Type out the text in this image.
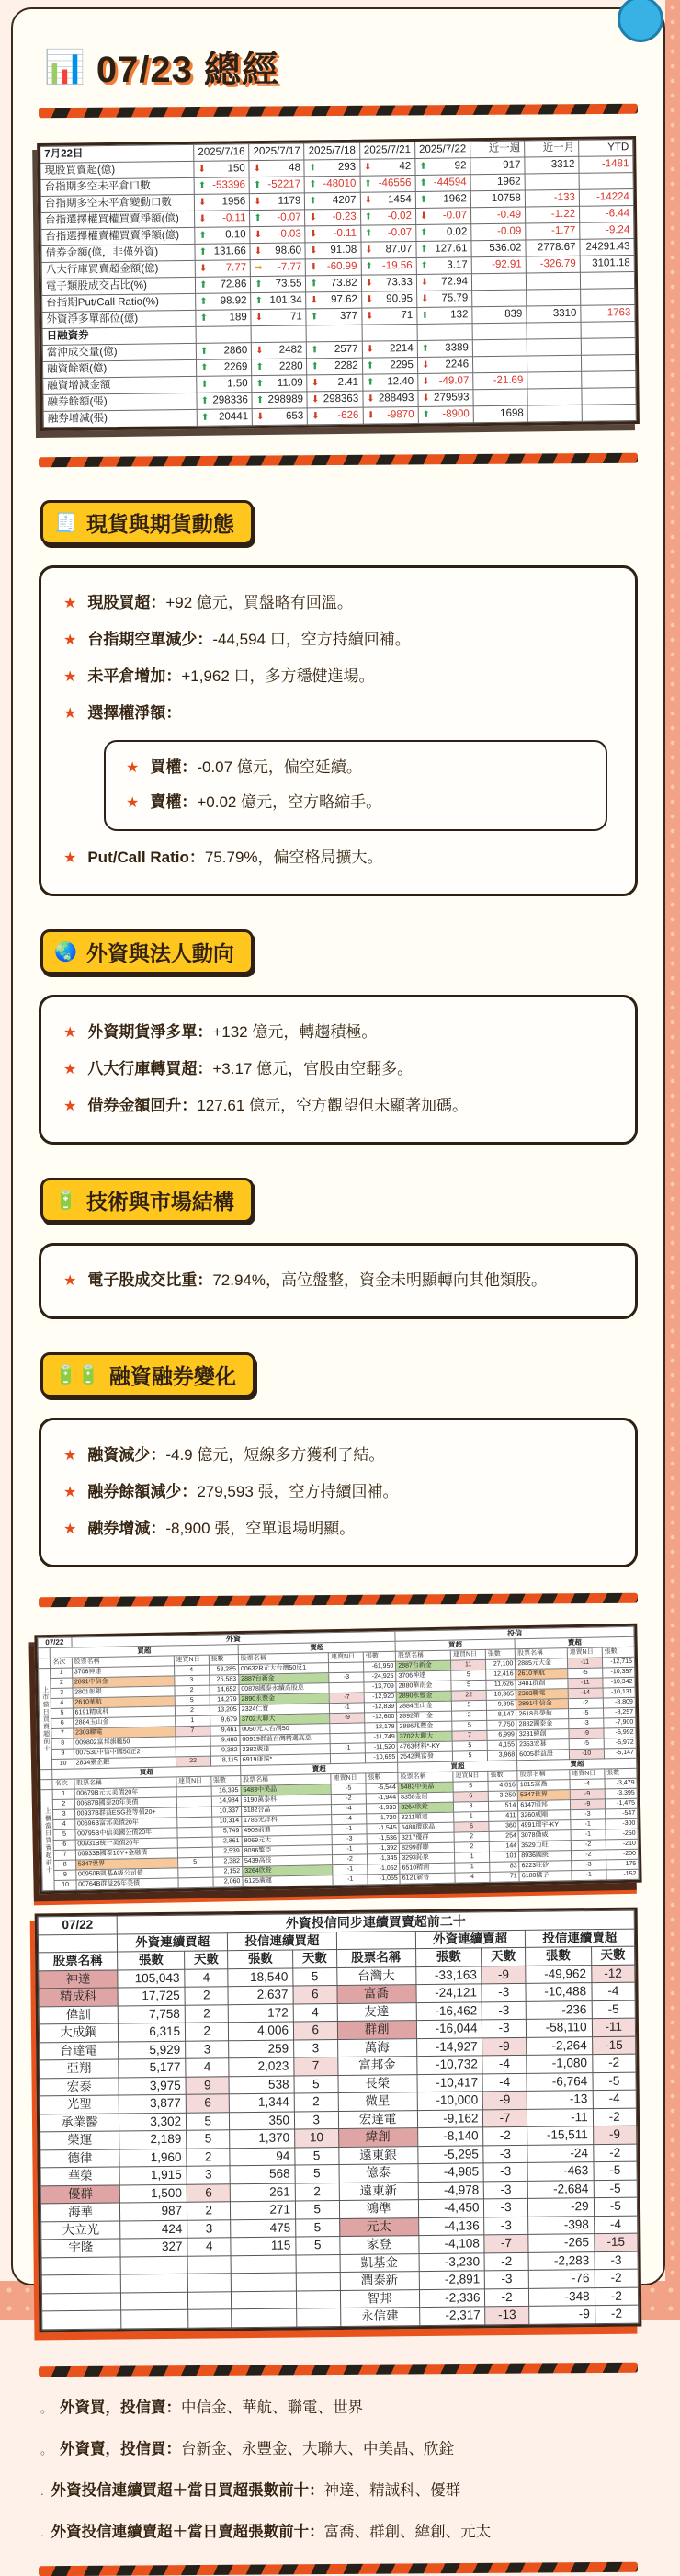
📊 07/23 總經
7月22日	2025/7/16	2025/7/17	2025/7/18	2025/7/21	2025/7/22	近一週	近一月	YTD
現股買賣超(億)	⬇ 150	⬇ 48	⬆ 293	⬇ 42	⬆ 92	917	3312	-1481
台指期多空未平倉口數	⬆ -53396	⬆ -52217	⬆ -48010	⬆ -46556	⬆ -44594	1962		
台指期多空未平倉變動口數	⬇ 1956	⬇ 1179	⬆ 4207	⬇ 1454	⬆ 1962	10758	-133	-14224
台指選擇權買權買賣淨額(億)	⬇ -0.11	⬆ -0.07	⬇ -0.23	⬆ -0.02	⬇ -0.07	-0.49	-1.22	-6.44
台指選擇權賣權買賣淨額(億)	⬆ 0.10	⬇ -0.03	⬇ -0.11	⬆ -0.07	⬆ 0.02	-0.09	-1.77	-9.24
借券金額(億，非僅外資)	⬆ 131.66	⬇ 98.60	⬇ 91.08	⬇ 87.07	⬆ 127.61	536.02	2778.67	24291.43
八大行庫買賣超金額(億)	⬇ -7.77	➡ -7.77	⬇ -60.99	⬆ -19.56	⬆ 3.17	-92.91	-326.79	3101.18
電子類股成交占比(%)	⬆ 72.86	⬆ 73.55	⬆ 73.82	⬇ 73.33	⬇ 72.94			
台指期Put/Call Ratio(%)	⬆ 98.92	⬆ 101.34	⬇ 97.62	⬇ 90.95	⬇ 75.79			
外資淨多單部位(億)	⬆ 189	⬇ 71	⬆ 377	⬇ 71	⬆ 132	839	3310	-1763
日融資券								
當沖成交量(億)	⬆ 2860	⬇ 2482	⬆ 2577	⬇ 2214	⬆ 3389			
融資餘額(億)	⬆ 2269	⬆ 2280	⬆ 2282	⬆ 2295	⬇ 2246			
融資增減金額	⬆ 1.50	⬆ 11.09	⬇ 2.41	⬆ 12.40	⬇ -49.07	-21.69		
融券餘額(張)	⬆ 298336	⬆ 298989	⬇ 298363	⬇ 288493	⬇ 279593			
融券增減(張)	⬆ 20441	⬇ 653	⬇ -626	⬇ -9870	⬆ -8900	1698		
🧾 現貨與期貨動態
★ 現股買超：+92 億元，買盤略有回溫。
★ 台指期空單減少：-44,594 口，空方持續回補。
★ 未平倉增加：+1,962 口，多方穩健進場。
★ 選擇權淨額：
★ 買權：-0.07 億元，偏空延續。
★ 賣權：+0.02 億元，空方略縮手。
★ Put/Call Ratio：75.79%，偏空格局擴大。
🌏 外資與法人動向
★ 外資期貨淨多單：+132 億元，轉趨積極。
★ 八大行庫轉買超：+3.17 億元，官股由空翻多。
★ 借券金額回升：127.61 億元，空方觀望但未顯著加碼。
🔋 技術與市場結構
★ 電子股成交比重：72.94%，高位盤整，資金未明顯轉向其他類股。
🔋🔋 融資融券變化
★ 融資減少：-4.9 億元，短線多方獲利了結。
★ 融券餘額減少：279,593 張，空方持續回補。
★ 融券增減：-8,900 張，空單退場明顯。
07/22		外資						投信					
	買超				賣超			買超			賣超		
	名次	股票名稱	連買N日	張數	股票名稱	連賣N日	張數	股票名稱	連買N日	張數	股票名稱	連賣N日	張數
上市當日買賣超前十	1	3706神達	4	53,285	00632R元大台灣50反1		-61,950	2887台新金	11	27,100	2885元大金	-11	-12,715
	2	2891中信金	3	25,583	2887台新金	-3	-24,926	3706神達	5	12,416	2610華航	-5	-10,357
	3	2801彰銀	2	14,652	00878國泰永續高股息		-13,709	2880華南金	5	11,626	3481群創	-11	-10,342
	4	2610華航	5	14,279	2890永豐金	-7	-12,920	2890永豐金	22	10,365	2303聯電	-14	-10,131
	5	6191精成科	2	13,205	2324仁寶	-1	-12,839	2884玉山金	5	9,395	2891中信金	-2	-8,809
	6	2884玉山金	1	9,679	3702大聯大	-9	-12,600	2892第一金	2	8,147	2618長榮航	-5	-8,257
	7	2303聯電	7	9,461	0050元大台灣50		-12,178	2886兆豐金	5	7,750	2882國泰金	-3	-7,900
	8	009802富邦旗艦50		9,460	00919群益台灣精選高息		-11,749	3702大聯大	7	6,999	3231緯創	-9	-6,992
	9	00753L中信中國50正2		9,382	2382廣達	-1	-11,520	4763材料*-KY	5	4,155	2353宏碁	-5	-5,972
	10	2834臺企銀	22	8,115	6919康霈*		-10,655	2542興富發	5	3,968	6005群益證	-10	-5,147
	買超				賣超			買超			賣超		
	名次	股票名稱	連買N日	張數	股票名稱	連賣N日	張數	股票名稱	連買N日	張數	股票名稱	連賣N日	張數
上櫃當日買賣超前十	1	00679B元大美債20年		16,395	5483中美晶	-5	-5,544	5483中美晶	5	4,016	1815富喬	-4	-3,479
	2	00687B國泰20年美債		14,984	6190萬泰科	-2	-1,944	8358金居	6	3,250	5347世界	-9	-3,395
	3	00937B群益ESG投等債20+		10,337	6182合晶	-4	-1,933	3264欣銓	3	514	6147頎邦	-9	-1,475
	4	00696B富邦美債20年		10,314	1785光洋科	-4	-1,720	3211順達	1	411	3260威剛	-3	-547
	5	00795B中信美國公債20年		5,749	4908前鼎	-1	-1,545	6488環球晶	6	360	4991環宇-KY	-1	-300
	6	00931B統一美債20年		2,861	8069元太	-3	-1,536	3217優群	2	254	3078僑威	-1	-250
	7	00933B國泰10Y+金融債		2,539	8096擎亞	-1	-1,392	8299群聯	2	144	3529力旺	-2	-210
	8	5347世界	5	2,382	5439高技	-2	-1,345	3293鈊象	1	101	8936國統	-2	-200
	9	00950B凱基A級公司債		2,152	3264欣銓	-1	-1,062	6510精測	1	83	6223旺矽	-3	-175
	10	00764B群益25年美債		2,060	6125廣運	-1	-1,055	6121新普	4	71	6180橘子	-1	-152
07/22	外資投信同步連續買賣超前二十								
	外資連續買超		投信連續買超			外資連續賣超		投信連續賣超	
股票名稱	張數	天數	張數	天數	股票名稱	張數	天數	張數	天數
神達	105,043	4	18,540	5	台灣大	-33,163	-9	-49,962	-12
精成科	17,725	2	2,637	6	富喬	-24,121	-3	-10,488	-4
偉訓	7,758	2	172	4	友達	-16,462	-3	-236	-5
大成鋼	6,315	2	4,006	6	群創	-16,044	-3	-58,110	-11
台達電	5,929	3	259	3	萬海	-14,927	-9	-2,264	-15
亞翔	5,177	4	2,023	7	富邦金	-10,732	-4	-1,080	-2
宏泰	3,975	9	538	5	長榮	-10,417	-4	-6,764	-5
光聖	3,877	6	1,344	2	微星	-10,000	-9	-13	-4
承業醫	3,302	5	350	3	宏達電	-9,162	-7	-11	-2
榮運	2,189	5	1,370	10	緯創	-8,140	-2	-15,511	-9
德律	1,960	2	94	5	遠東銀	-5,295	-3	-24	-2
華榮	1,915	3	568	5	億泰	-4,985	-3	-463	-5
優群	1,500	6	261	2	遠東新	-4,978	-3	-2,684	-5
海華	987	2	271	5	鴻準	-4,450	-3	-29	-5
大立光	424	3	475	5	元太	-4,136	-3	-398	-4
宇隆	327	4	115	5	家登	-4,108	-7	-265	-15
					凱基金	-3,230	-2	-2,283	-3
					潤泰新	-2,891	-3	-76	-2
					智邦	-2,336	-2	-348	-2
					永信建	-2,317	-13	-9	-2
。 外資買，投信賣：中信金、華航、聯電、世界
。 外資賣，投信買：台新金、永豐金、大聯大、中美晶、欣銓
. 外資投信連續買超＋當日買超張數前十：神達、精誠科、優群
. 外資投信連續賣超＋當日賣超張數前十：富喬、群創、緯創、元太
